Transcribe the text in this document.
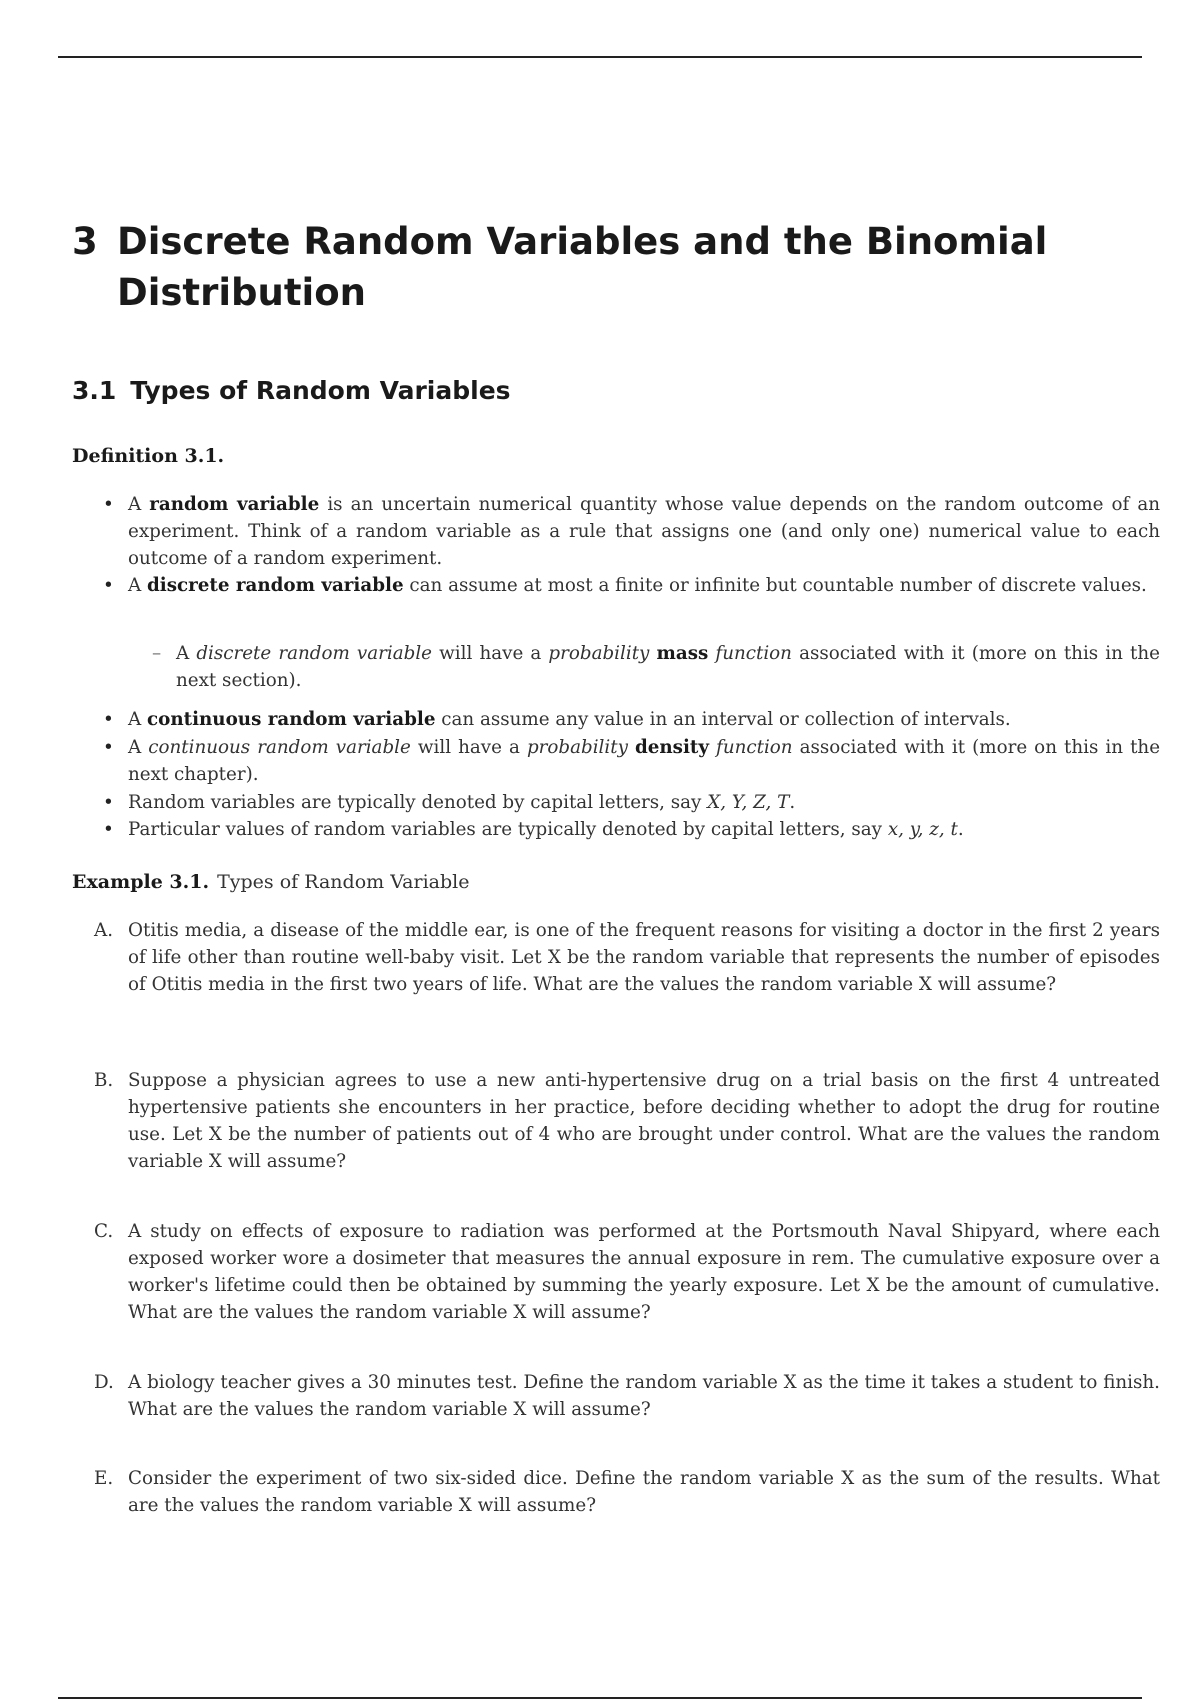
3 Discrete Random Variables and the Binomial Distribution
3.1 Types of Random Variables
Definition 3.1.
• A random variable is an uncertain numerical quantity whose value depends on the random outcome of an experiment. Think of a random variable as a rule that assigns one (and only one) numerical value to each outcome of a random experiment.
• A discrete random variable can assume at most a finite or infinite but countable number of discrete values.
– A discrete random variable will have a probability mass function associated with it (more on this in the next section).
• A continuous random variable can assume any value in an interval or collection of intervals.
• A continuous random variable will have a probability density function associated with it (more on this in the next chapter).
• Random variables are typically denoted by capital letters, say X, Y, Z, T.
• Particular values of random variables are typically denoted by capital letters, say x, y, z, t.
Example 3.1. Types of Random Variable
A. Otitis media, a disease of the middle ear, is one of the frequent reasons for visiting a doctor in the first 2 years of life other than routine well-baby visit. Let X be the random variable that represents the number of episodes of Otitis media in the first two years of life. What are the values the random variable X will assume?
B. Suppose a physician agrees to use a new anti-hypertensive drug on a trial basis on the first 4 untreated hypertensive patients she encounters in her practice, before deciding whether to adopt the drug for routine use. Let X be the number of patients out of 4 who are brought under control. What are the values the random variable X will assume?
C. A study on effects of exposure to radiation was performed at the Portsmouth Naval Shipyard, where each exposed worker wore a dosimeter that measures the annual exposure in rem. The cumulative exposure over a worker's lifetime could then be obtained by summing the yearly exposure. Let X be the amount of cumulative. What are the values the random variable X will assume?
D. A biology teacher gives a 30 minutes test. Define the random variable X as the time it takes a student to finish. What are the values the random variable X will assume?
E. Consider the experiment of two six-sided dice. Define the random variable X as the sum of the results. What are the values the random variable X will assume?
